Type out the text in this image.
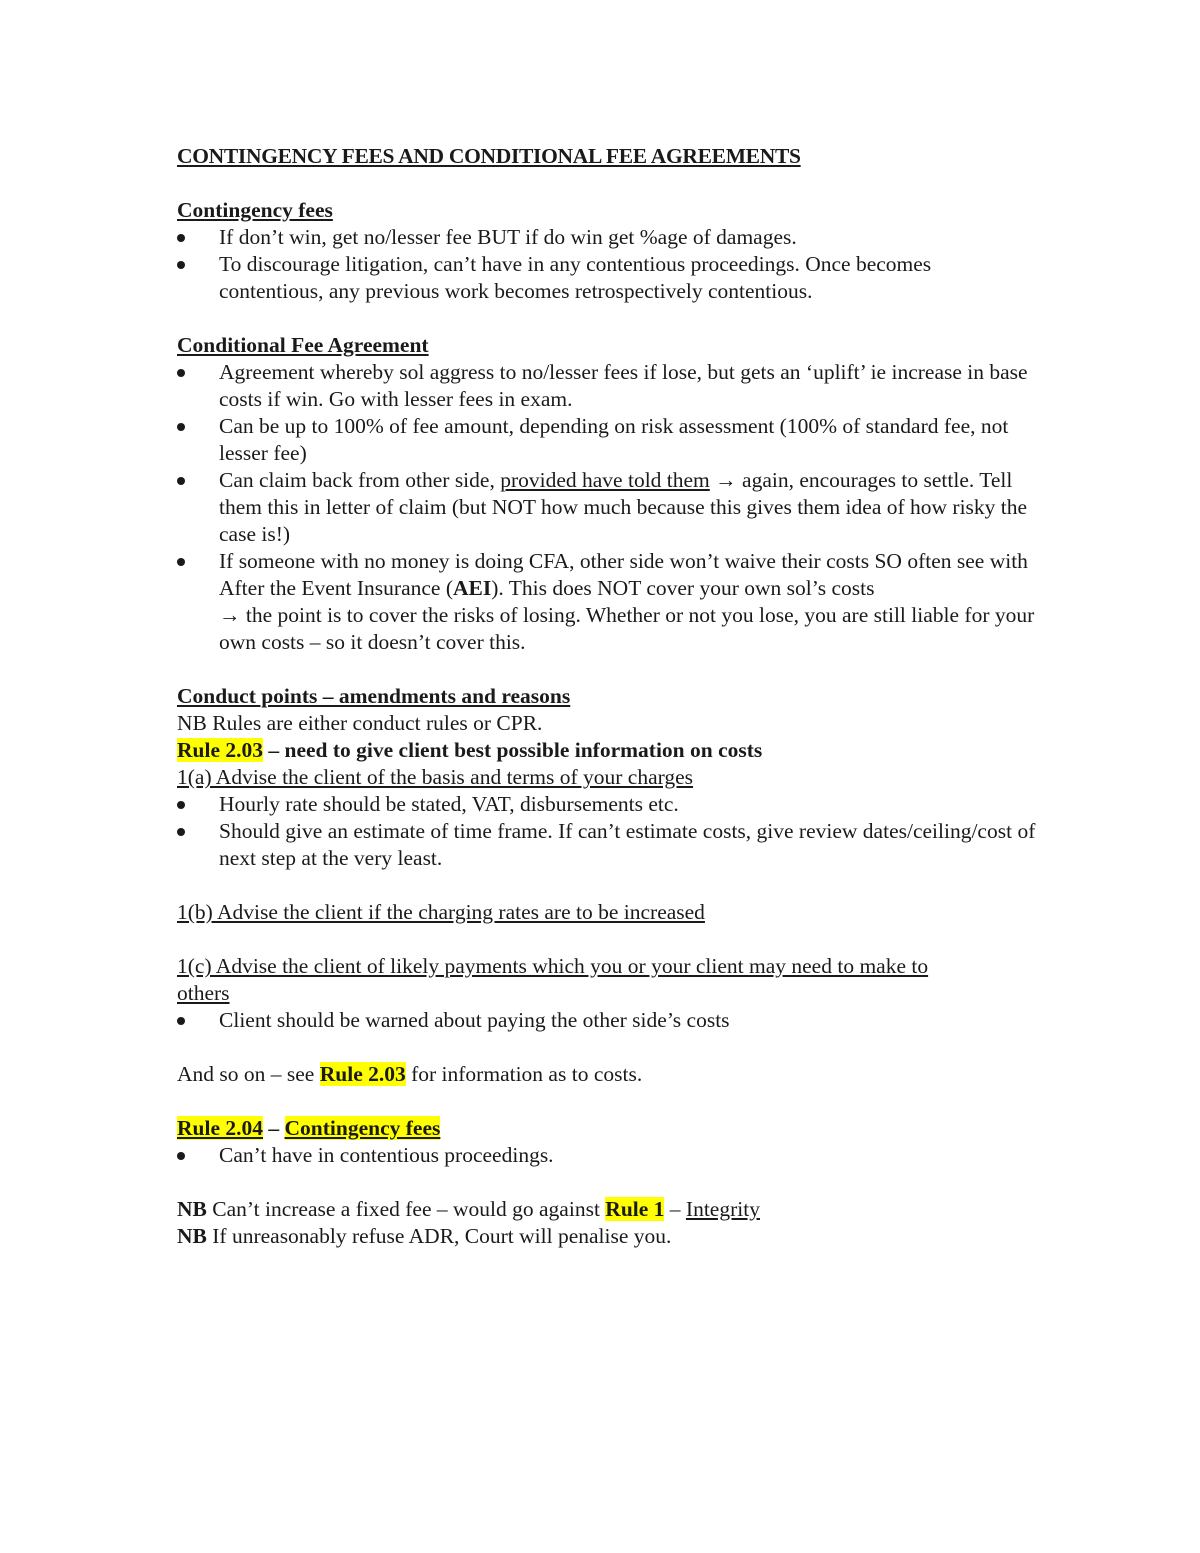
CONTINGENCY FEES AND CONDITIONAL FEE AGREEMENTS

Contingency fees

If don’t win, get no/lesser fee BUT if do win get %age of damages.
To discourage litigation, can’t have in any contentious proceedings. Once becomes contentious, any previous work becomes retrospectively contentious.

Conditional Fee Agreement

Agreement whereby sol aggress to no/lesser fees if lose, but gets an ‘uplift’ ie increase in base costs if win. Go with lesser fees in exam.
Can be up to 100% of fee amount, depending on risk assessment (100% of standard fee, not lesser fee)
Can claim back from other side, provided have told them → again, encourages to settle. Tell them this in letter of claim (but NOT how much because this gives them idea of how risky the case is!)
If someone with no money is doing CFA, other side won’t waive their costs SO often see with After the Event Insurance (AEI). This does NOT cover your own sol’s costs
→ the point is to cover the risks of losing. Whether or not you lose, you are still liable for your own costs – so it doesn’t cover this.

Conduct points – amendments and reasons

NB Rules are either conduct rules or CPR.

Rule 2.03 – need to give client best possible information on costs

1(a) Advise the client of the basis and terms of your charges

Hourly rate should be stated, VAT, disbursements etc.
Should give an estimate of time frame. If can’t estimate costs, give review dates/ceiling/cost of next step at the very least.

1(b) Advise the client if the charging rates are to be increased

1(c) Advise the client of likely payments which you or your client may need to make to

others

Client should be warned about paying the other side’s costs

And so on – see Rule 2.03 for information as to costs.

Rule 2.04 – Contingency fees

Can’t have in contentious proceedings.

NB Can’t increase a fixed fee – would go against Rule 1 – Integrity

NB If unreasonably refuse ADR, Court will penalise you.
